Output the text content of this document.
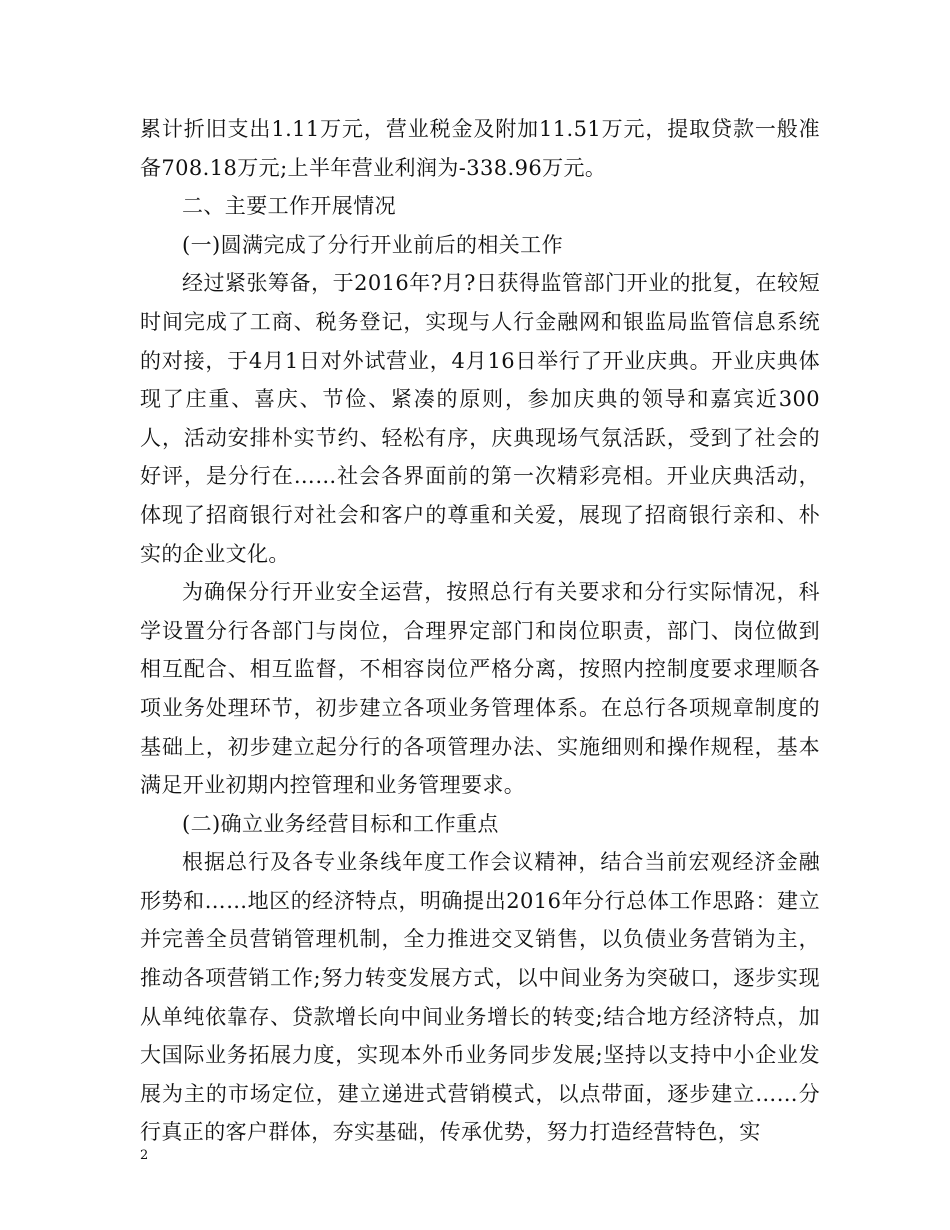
累计折旧支出1.11万元，营业税金及附加11.51万元，提取贷款一般准备708.18万元;上半年营业利润为-338.96万元。

二、主要工作开展情况

(一)圆满完成了分行开业前后的相关工作

经过紧张筹备，于2016年?月?日获得监管部门开业的批复，在较短时间完成了工商、税务登记，实现与人行金融网和银监局监管信息系统的对接，于4月1日对外试营业，4月16日举行了开业庆典。开业庆典体现了庄重、喜庆、节俭、紧凑的原则，参加庆典的领导和嘉宾近300人，活动安排朴实节约、轻松有序，庆典现场气氛活跃，受到了社会的好评，是分行在……社会各界面前的第一次精彩亮相。开业庆典活动，体现了招商银行对社会和客户的尊重和关爱，展现了招商银行亲和、朴实的企业文化。

为确保分行开业安全运营，按照总行有关要求和分行实际情况，科学设置分行各部门与岗位，合理界定部门和岗位职责，部门、岗位做到相互配合、相互监督，不相容岗位严格分离，按照内控制度要求理顺各项业务处理环节，初步建立各项业务管理体系。在总行各项规章制度的基础上，初步建立起分行的各项管理办法、实施细则和操作规程，基本满足开业初期内控管理和业务管理要求。

(二)确立业务经营目标和工作重点

根据总行及各专业条线年度工作会议精神，结合当前宏观经济金融形势和……地区的经济特点，明确提出2016年分行总体工作思路：建立并完善全员营销管理机制，全力推进交叉销售，以负债业务营销为主，推动各项营销工作;努力转变发展方式，以中间业务为突破口，逐步实现从单纯依靠存、贷款增长向中间业务增长的转变;结合地方经济特点，加大国际业务拓展力度，实现本外币业务同步发展;坚持以支持中小企业发展为主的市场定位，建立递进式营销模式，以点带面，逐步建立……分行真正的客户群体，夯实基础，传承优势，努力打造经营特色，实

2
